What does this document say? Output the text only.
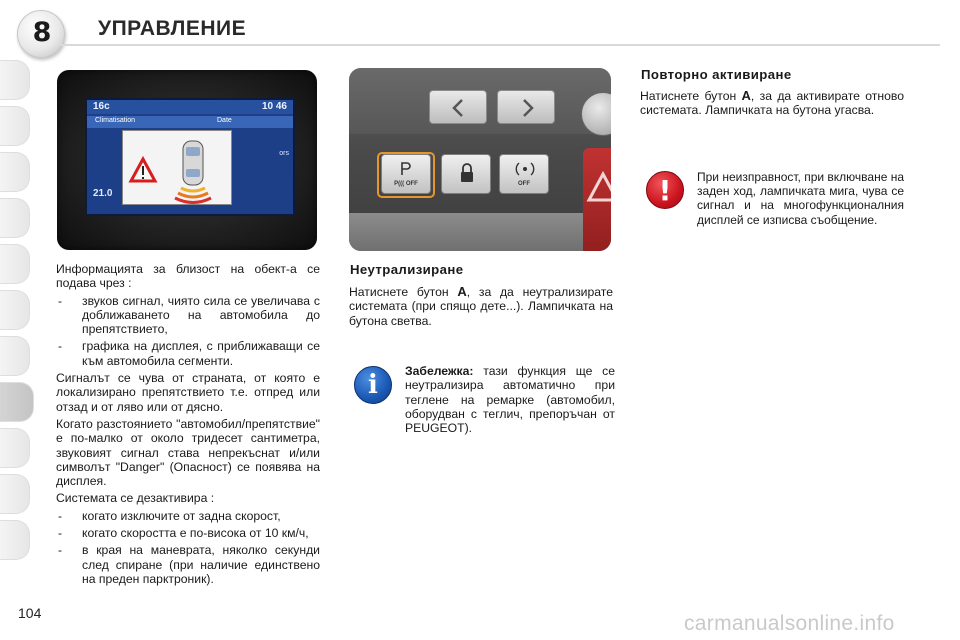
8	УПРАВЛЕНИЕ
16c	10 46
Climatisation	Date
21.0
ors
P((( OFF	OFF

Информацията за близост на обект-а се подава чрез :

- звуков сигнал, чиято сила се увеличава с доближаването на автомобила до препятствието,
- графика на дисплея, с приближаващи се към автомобила сегменти.

Сигналът се чува от страната, от която е локализирано препятствието т.е. отпред или отзад и от ляво или от дясно.

Когато разстоянието "автомобил/препятствие" е по-малко от около тридесет сантиметра, звуковият сигнал става непрекъснат и/или символът "Danger" (Опасност) се появява на дисплея.

Системата се дезактивира :

- когато изключите от задна скорост,
- когато скоростта е по-висока от 10 км/ч,
- в края на маневрата, няколко секунди след спиране (при наличие единствено на преден парктроник).
Неутрализиране
Натиснете бутон A, за да неутрализирате системата (при спящо дете...). Лампичката на бутона светва.
i	Забележка: тази функция ще се неутрализира автоматично при теглене на ремарке (автомобил, оборудван с теглич, препоръчан от PEUGEOT).
Повторно активиране
Натиснете бутон A, за да активирате отново системата. Лампичката на бутона угасва.
!	При неизправност, при включване на заден ход, лампичката мига, чува се сигнал и на многофункционалния дисплей се изписва съобщение.
104	carmanualsonline.info
